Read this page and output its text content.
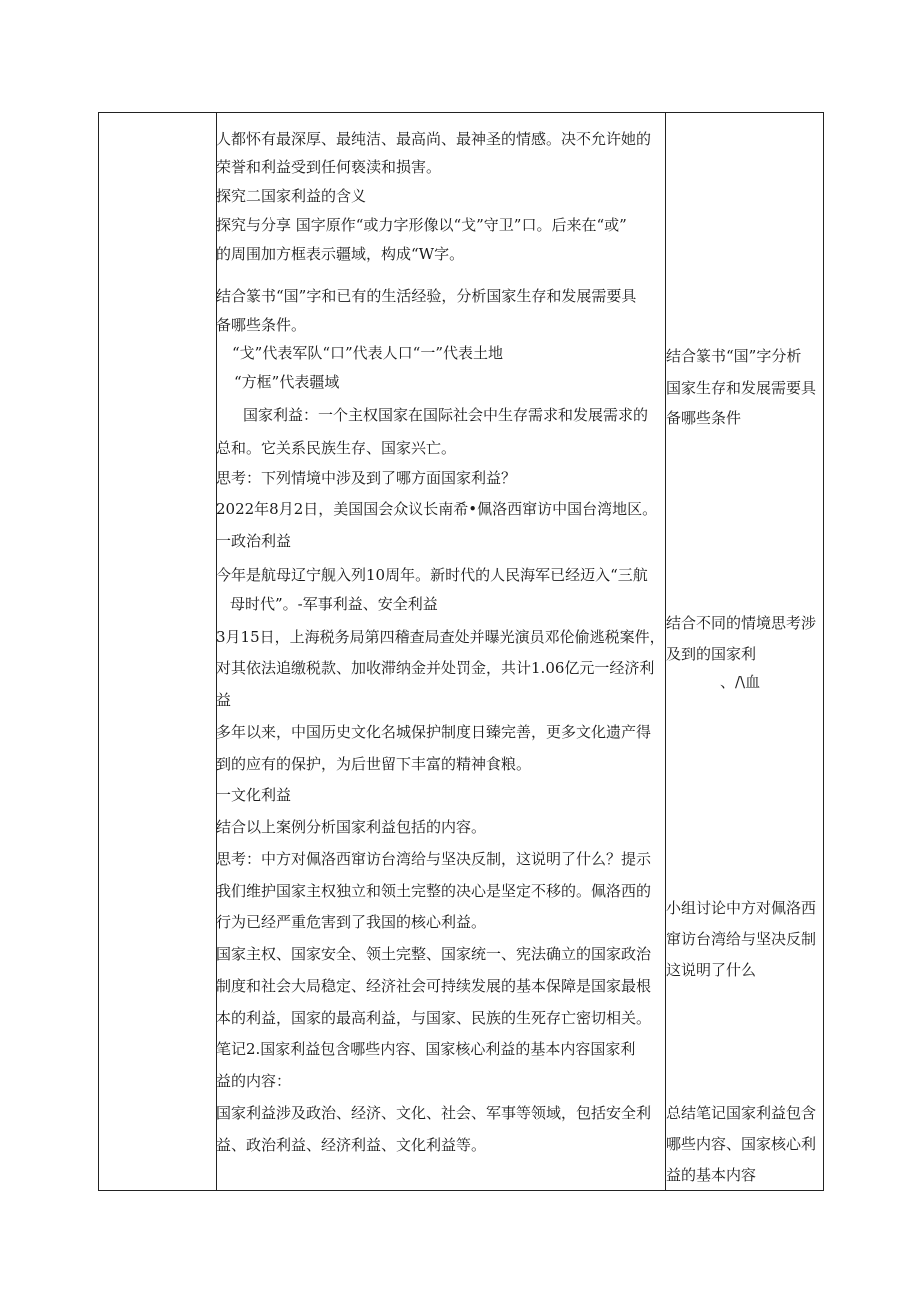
人都怀有最深厚、最纯洁、最高尚、最神圣的情感。决不允许她的
荣誉和利益受到任何亵渎和损害。
探究二国家利益的含义
探究与分享 国字原作“或力字形像以“戈”守卫”口。后来在“或”
的周围加方框表示疆域，构成“W字。
结合篆书“国”字和已有的生活经验，分析国家生存和发展需要具
备哪些条件。
“戈”代表军队“口”代表人口“一”代表土地
“方框”代表疆域
国家利益：一个主权国家在国际社会中生存需求和发展需求的
总和。它关系民族生存、国家兴亡。
思考：下列情境中涉及到了哪方面国家利益？
2022年8月2日，美国国会众议长南希•佩洛西窜访中国台湾地区。
一政治利益
今年是航母辽宁舰入列10周年。新时代的人民海军已经迈入“三航
母时代”。-军事利益、安全利益
3月15日，上海税务局第四稽查局查处并曝光演员邓伦偷逃税案件，
对其依法追缴税款、加收滞纳金并处罚金，共计1.06亿元一经济利
益
多年以来，中国历史文化名城保护制度日臻完善，更多文化遗产得
到的应有的保护，为后世留下丰富的精神食粮。
一文化利益
结合以上案例分析国家利益包括的内容。
思考：中方对佩洛西窜访台湾给与坚决反制，这说明了什么？提示
我们维护国家主权独立和领土完整的决心是坚定不移的。佩洛西的
行为已经严重危害到了我国的核心利益。
国家主权、国家安全、领土完整、国家统一、宪法确立的国家政治
制度和社会大局稳定、经济社会可持续发展的基本保障是国家最根
本的利益，国家的最高利益，与国家、民族的生死存亡密切相关。
笔记2.国家利益包含哪些内容、国家核心利益的基本内容国家利
益的内容：
国家利益涉及政治、经济、文化、社会、军事等领域，包括安全利
益、政治利益、经济利益、文化利益等。
结合篆书“国”字分析
国家生存和发展需要具
备哪些条件
结合不同的情境思考涉
及到的国家利
、/\血
小组讨论中方对佩洛西
窜访台湾给与坚决反制
这说明了什么
总结笔记国家利益包含
哪些内容、国家核心利
益的基本内容
